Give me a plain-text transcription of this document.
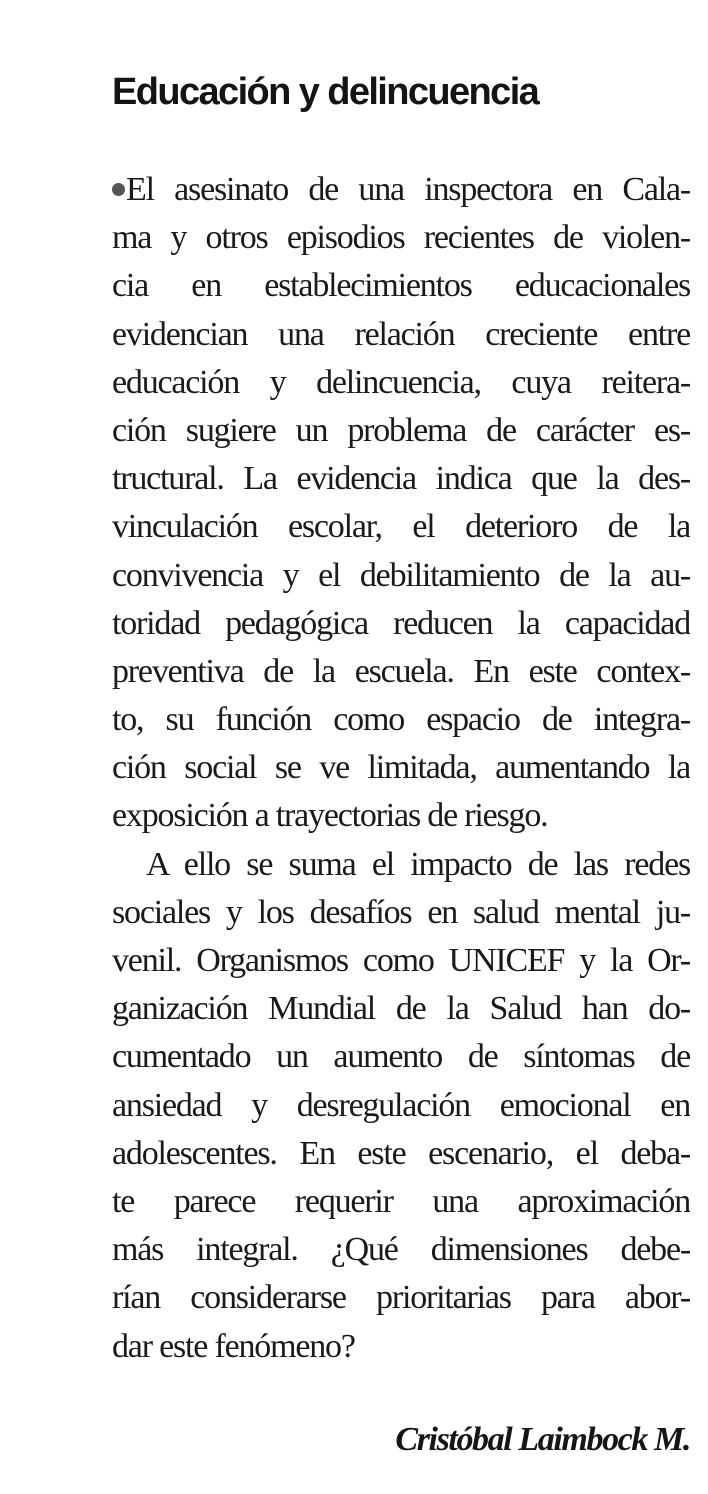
Educación y delincuencia
El asesinato de una inspectora en Cala-
ma y otros episodios recientes de violen-
cia en establecimientos educacionales
evidencian una relación creciente entre
educación y delincuencia, cuya reitera-
ción sugiere un problema de carácter es-
tructural. La evidencia indica que la des-
vinculación escolar, el deterioro de la
convivencia y el debilitamiento de la au-
toridad pedagógica reducen la capacidad
preventiva de la escuela. En este contex-
to, su función como espacio de integra-
ción social se ve limitada, aumentando la
exposición a trayectorias de riesgo.
A ello se suma el impacto de las redes
sociales y los desafíos en salud mental ju-
venil. Organismos como UNICEF y la Or-
ganización Mundial de la Salud han do-
cumentado un aumento de síntomas de
ansiedad y desregulación emocional en
adolescentes. En este escenario, el deba-
te parece requerir una aproximación
más integral. ¿Qué dimensiones debe-
rían considerarse prioritarias para abor-
dar este fenómeno?

Cristóbal Laimbock M.
